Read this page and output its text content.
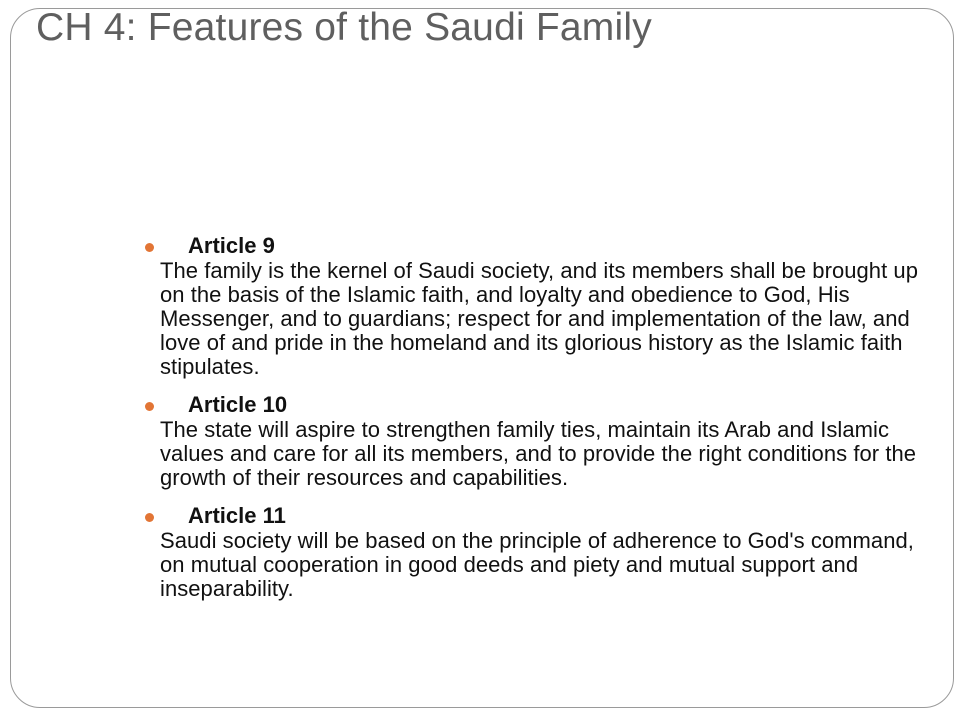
CH 4: Features of the Saudi Family
Article 9
The family is the kernel of Saudi society, and its members shall be brought up on the basis of the Islamic faith, and loyalty and obedience to God, His Messenger, and to guardians; respect for and implementation of the law, and love of and pride in the homeland and its glorious history as the Islamic faith stipulates.
Article 10
The state will aspire to strengthen family ties, maintain its Arab and Islamic values and care for all its members, and to provide the right conditions for the growth of their resources and capabilities.
Article 11
Saudi society will be based on the principle of adherence to God's command, on mutual cooperation in good deeds and piety and mutual support and inseparability.
